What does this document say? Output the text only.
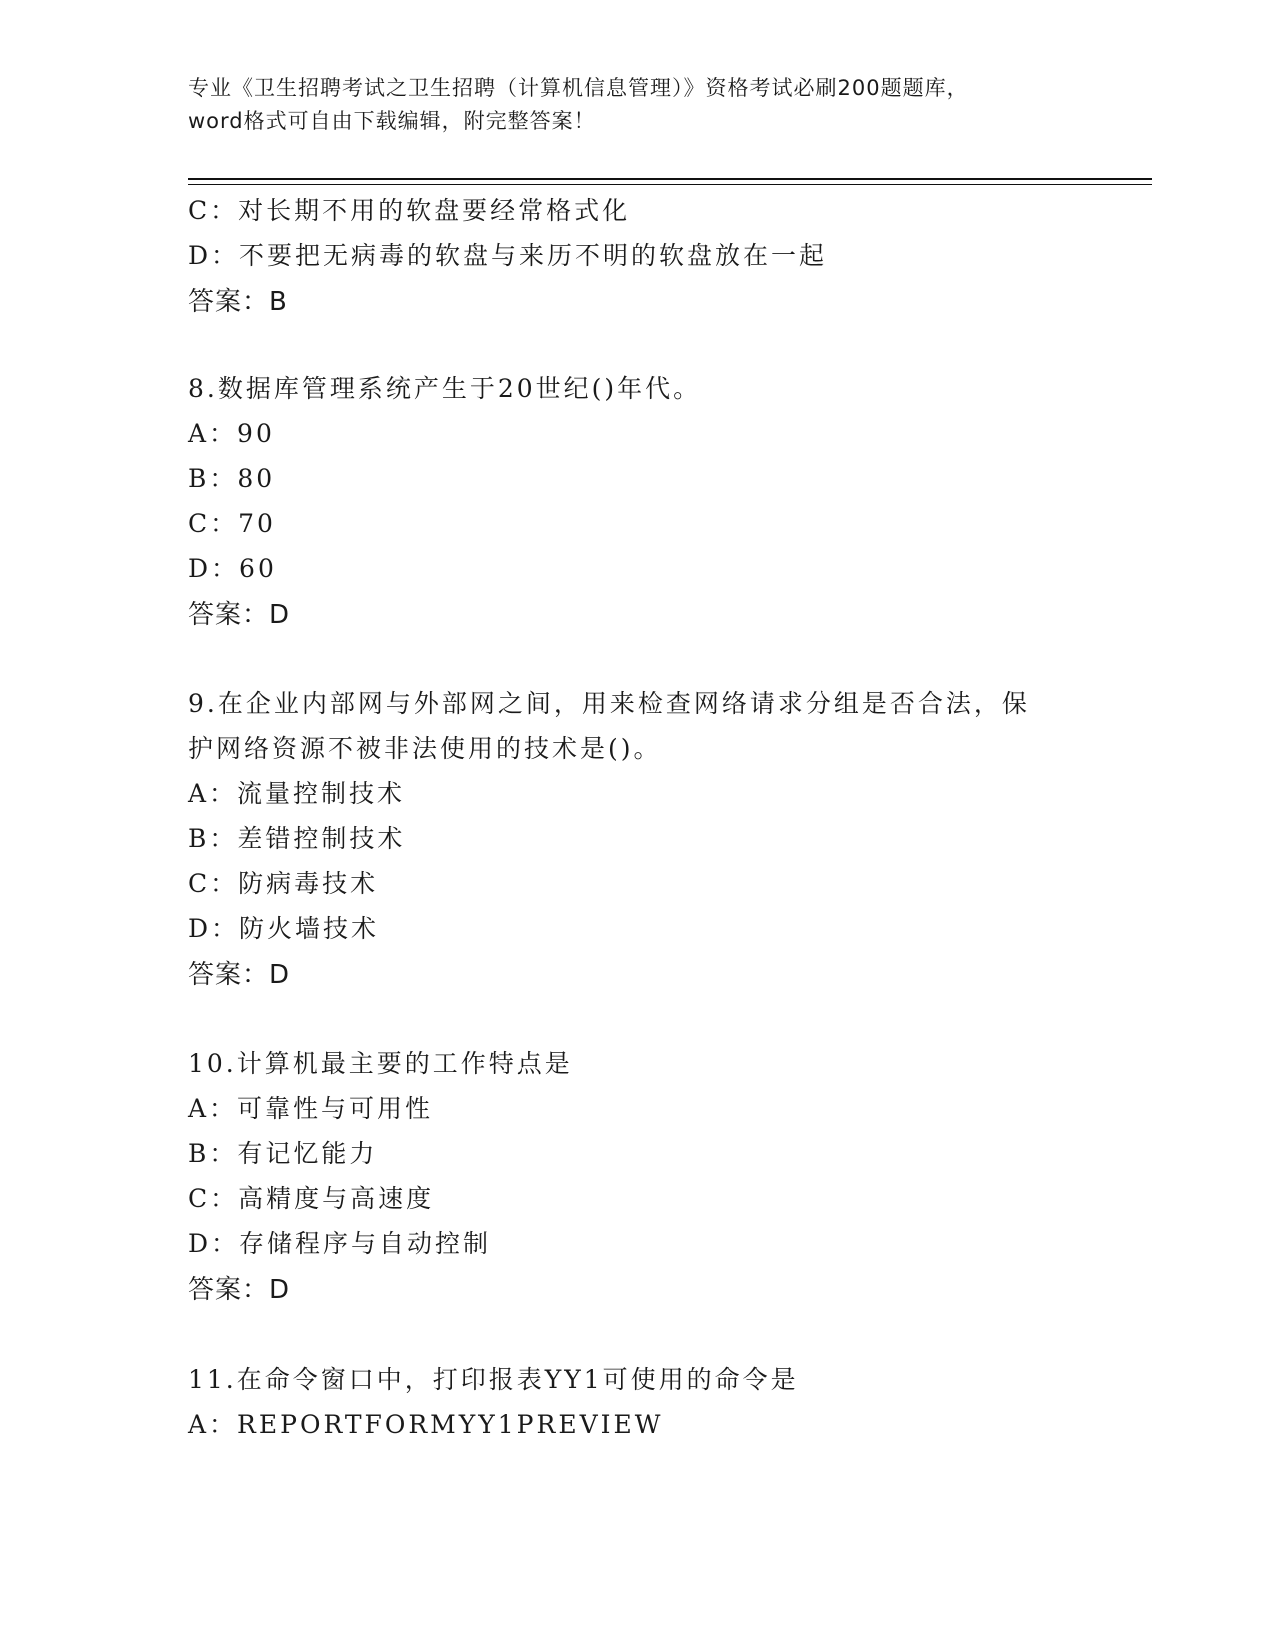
专业《卫生招聘考试之卫生招聘（计算机信息管理）》资格考试必刷200题题库，
word格式可自由下载编辑，附完整答案！
C：对长期不用的软盘要经常格式化
D：不要把无病毒的软盘与来历不明的软盘放在一起
答案：B
8.数据库管理系统产生于20世纪()年代。
A：90
B：80
C：70
D：60
答案：D
9.在企业内部网与外部网之间，用来检查网络请求分组是否合法，保
护网络资源不被非法使用的技术是()。
A：流量控制技术
B：差错控制技术
C：防病毒技术
D：防火墙技术
答案：D
10.计算机最主要的工作特点是
A：可靠性与可用性
B：有记忆能力
C：高精度与高速度
D：存储程序与自动控制
答案：D
11.在命令窗口中，打印报表YY1可使用的命令是
A：REPORTFORMYY1PREVIEW
